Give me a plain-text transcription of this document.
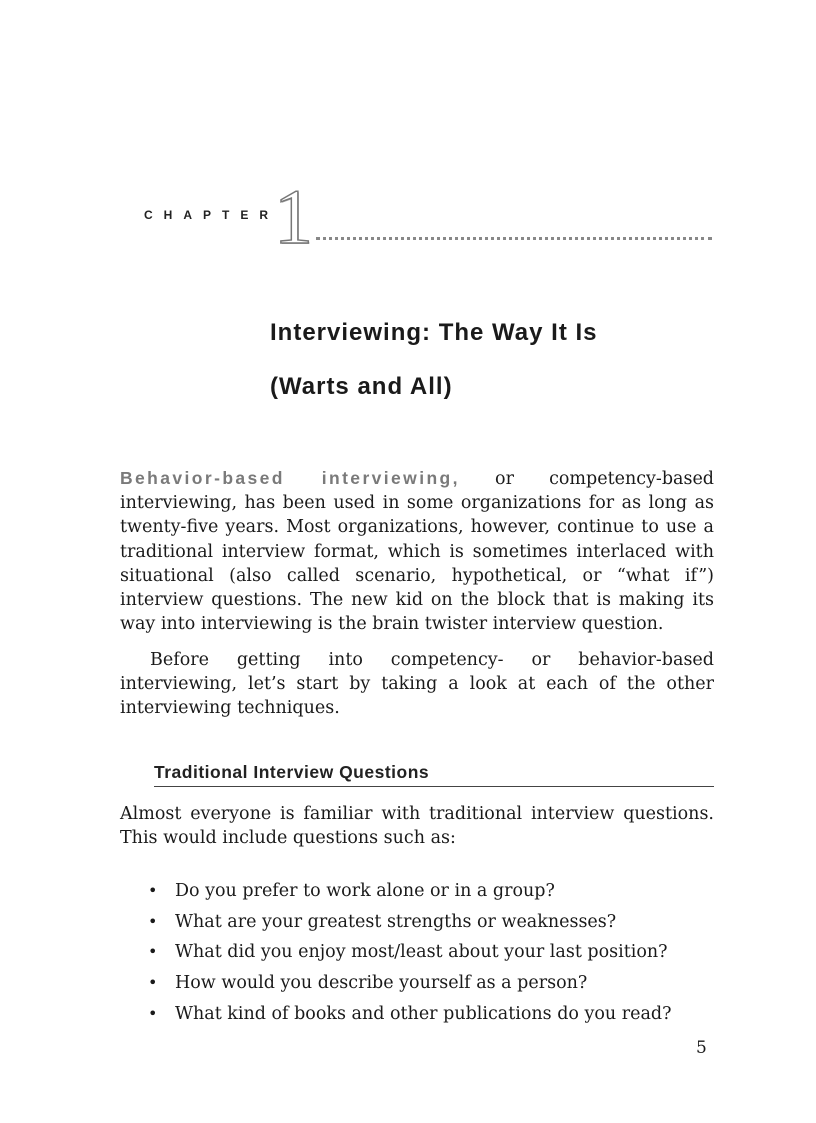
CHAPTER
1
Interviewing: The Way It Is
(Warts and All)

Behavior-based interviewing, or competency-based interviewing, has been used in some organizations for as long as twenty-five years. Most organizations, however, continue to use a traditional interview format, which is sometimes interlaced with situational (also called scenario, hypothetical, or “what if”) interview questions. The new kid on the block that is making its way into interviewing is the brain twister interview question.

Before getting into competency- or behavior-based interviewing, let’s start by taking a look at each of the other interviewing techniques.

Traditional Interview Questions

Almost everyone is familiar with traditional interview questions. This would include questions such as:

• Do you prefer to work alone or in a group?
• What are your greatest strengths or weaknesses?
• What did you enjoy most/least about your last position?
• How would you describe yourself as a person?
• What kind of books and other publications do you read?
5
